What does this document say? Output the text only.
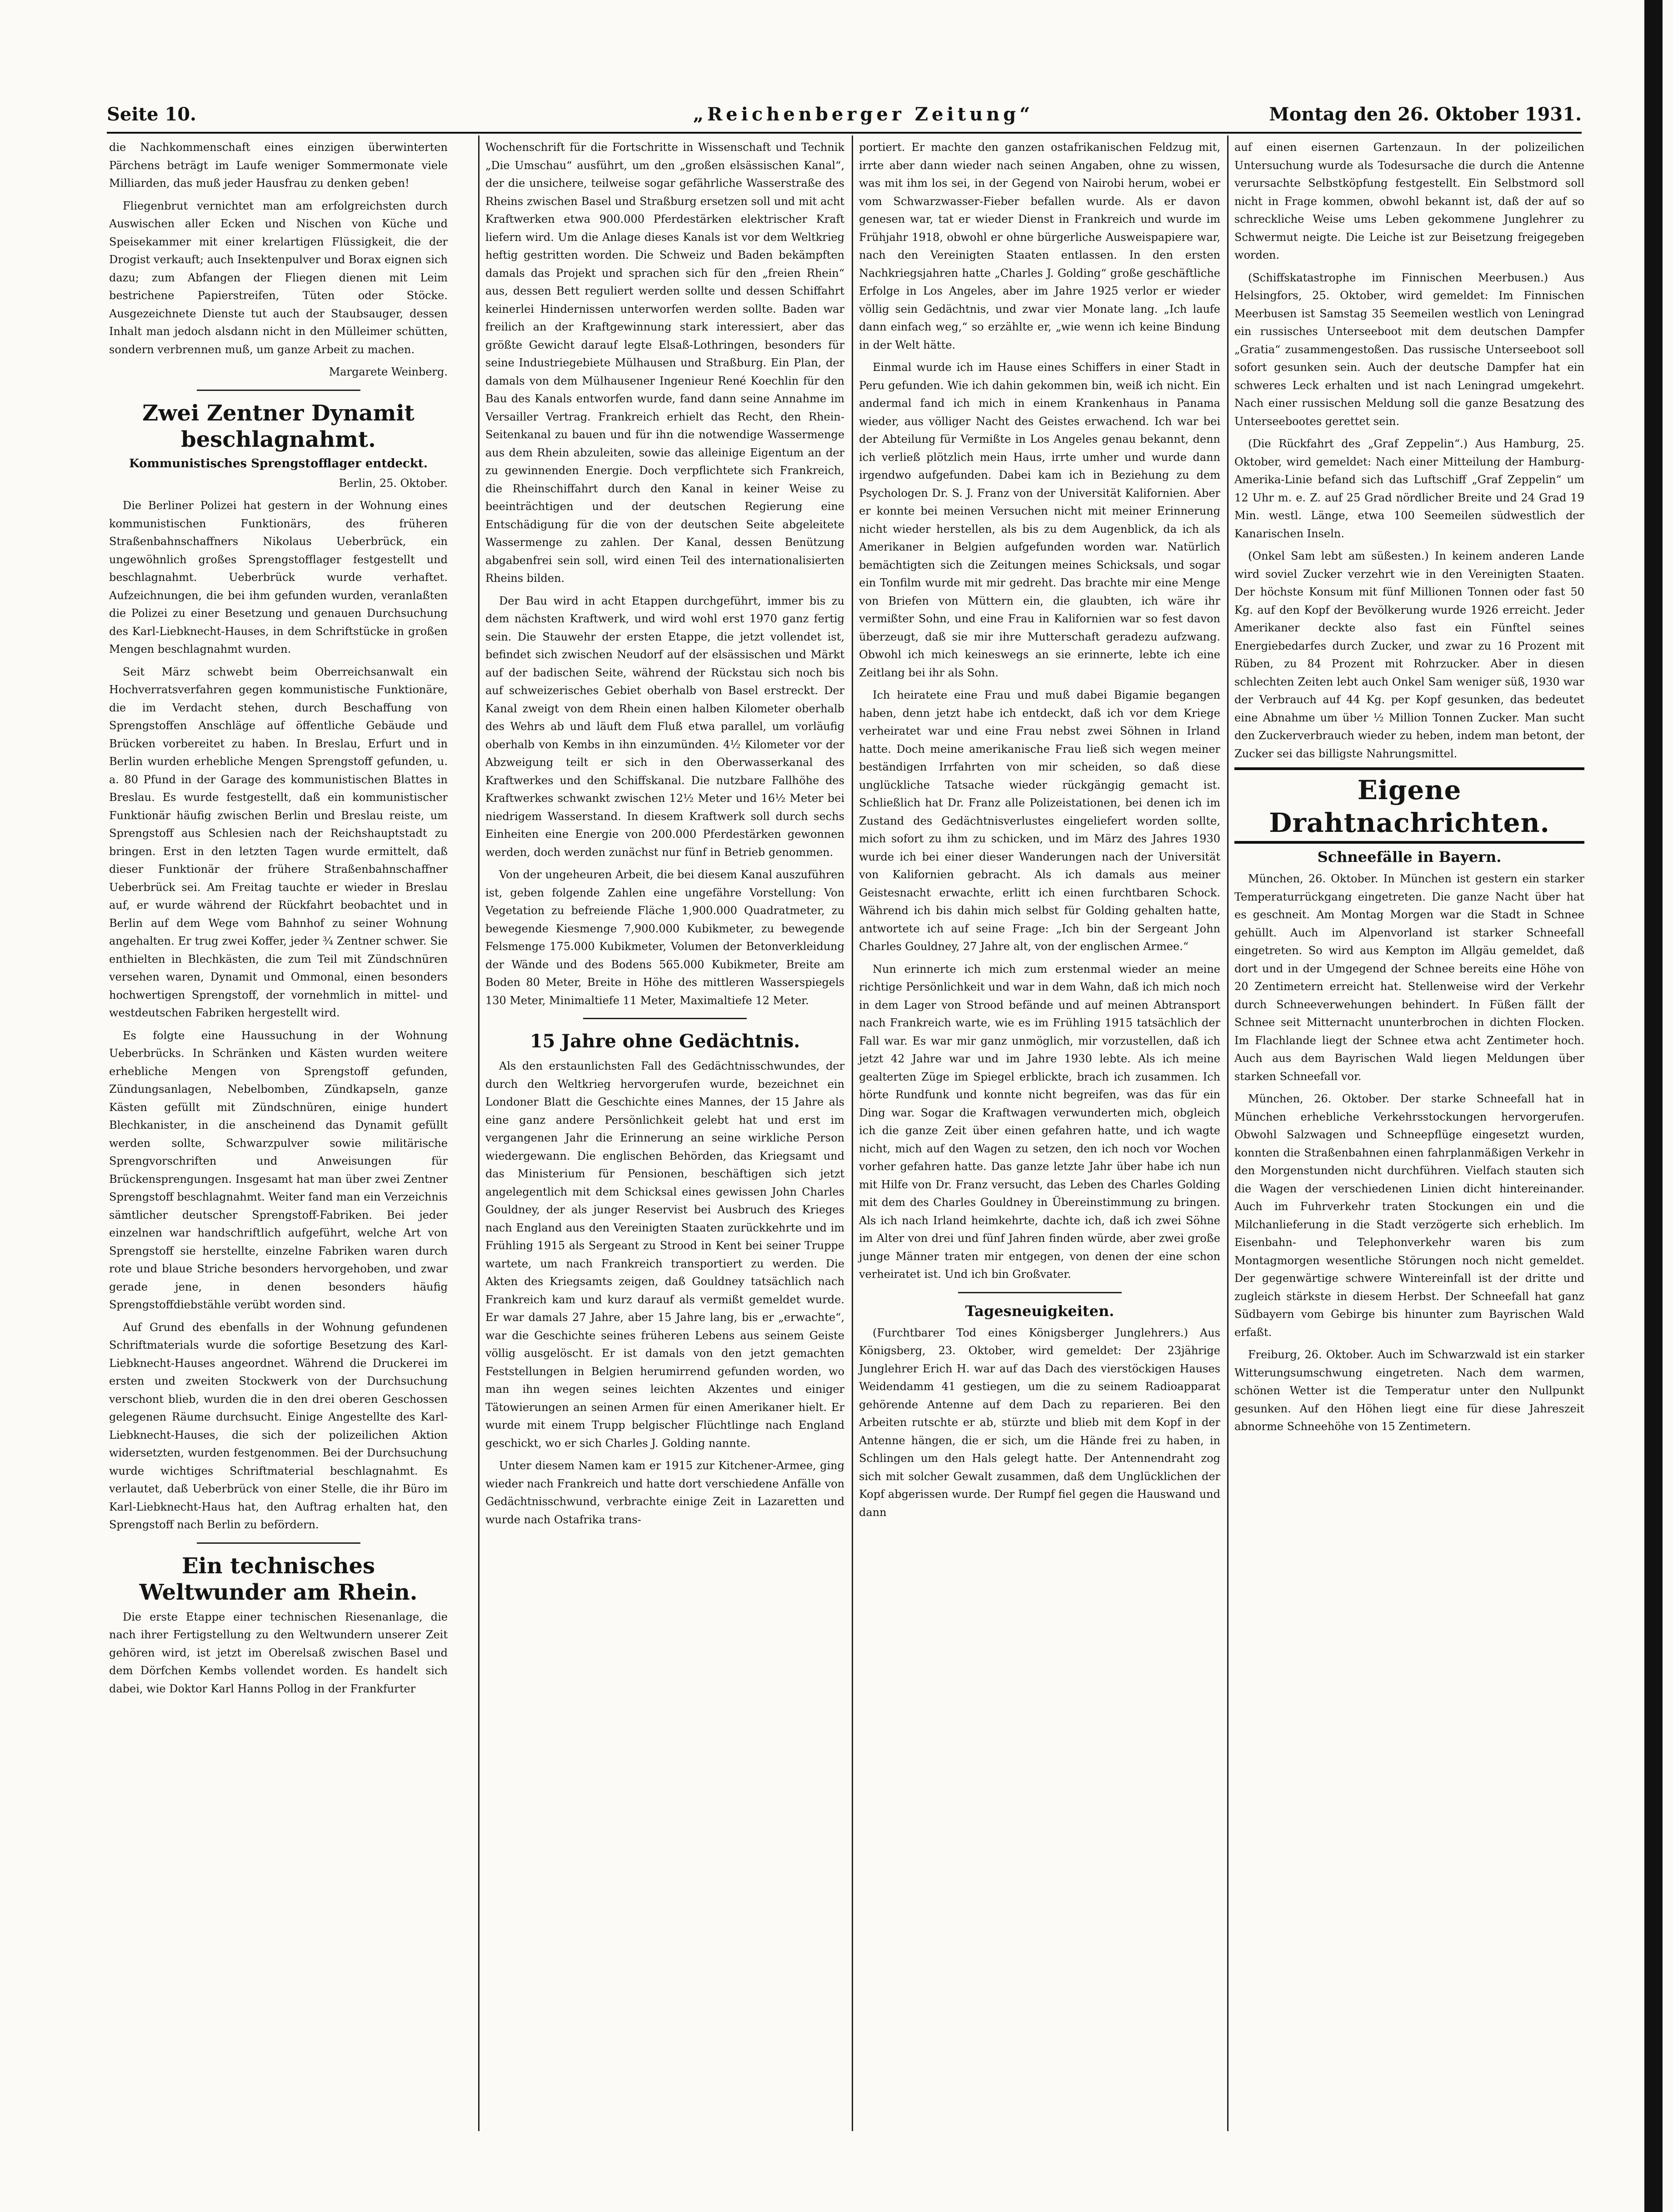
Seite 10.	„Reichenberger Zeitung“	Montag den 26. Oktober 1931.

die Nachkommenschaft eines einzigen überwinterten Pärchens beträgt im Laufe weniger Sommermonate viele Milliarden, das muß jeder Hausfrau zu denken geben!

Fliegenbrut vernichtet man am erfolgreichsten durch Auswischen aller Ecken und Nischen von Küche und Speisekammer mit einer krelartigen Flüssigkeit, die der Drogist verkauft; auch Insektenpulver und Borax eignen sich dazu; zum Abfangen der Fliegen dienen mit Leim bestrichene Papierstreifen, Tüten oder Stöcke. Ausgezeichnete Dienste tut auch der Staubsauger, dessen Inhalt man jedoch alsdann nicht in den Mülleimer schütten, sondern verbrennen muß, um ganze Arbeit zu machen.

Margarete Weinberg.

Zwei Zentner Dynamit beschlagnahmt.
Kommunistisches Sprengstofflager entdeckt.

Berlin, 25. Oktober.

Die Berliner Polizei hat gestern in der Wohnung eines kommunistischen Funktionärs, des früheren Straßenbahnschaffners Nikolaus Ueberbrück, ein ungewöhnlich großes Sprengstofflager festgestellt und beschlagnahmt. Ueberbrück wurde verhaftet. Aufzeichnungen, die bei ihm gefunden wurden, veranlaßten die Polizei zu einer Besetzung und genauen Durchsuchung des Karl-Liebknecht-Hauses, in dem Schriftstücke in großen Mengen beschlagnahmt wurden.

Seit März schwebt beim Oberreichsanwalt ein Hochverratsverfahren gegen kommunistische Funktionäre, die im Verdacht stehen, durch Beschaffung von Sprengstoffen Anschläge auf öffentliche Gebäude und Brücken vorbereitet zu haben. In Breslau, Erfurt und in Berlin wurden erhebliche Mengen Sprengstoff gefunden, u. a. 80 Pfund in der Garage des kommunistischen Blattes in Breslau. Es wurde festgestellt, daß ein kommunistischer Funktionär häufig zwischen Berlin und Breslau reiste, um Sprengstoff aus Schlesien nach der Reichshauptstadt zu bringen. Erst in den letzten Tagen wurde ermittelt, daß dieser Funktionär der frühere Straßenbahnschaffner Ueberbrück sei. Am Freitag tauchte er wieder in Breslau auf, er wurde während der Rückfahrt beobachtet und in Berlin auf dem Wege vom Bahnhof zu seiner Wohnung angehalten. Er trug zwei Koffer, jeder ¾ Zentner schwer. Sie enthielten in Blechkästen, die zum Teil mit Zündschnüren versehen waren, Dynamit und Ommonal, einen besonders hochwertigen Sprengstoff, der vornehmlich in mittel- und westdeutschen Fabriken hergestellt wird.

Es folgte eine Haussuchung in der Wohnung Ueberbrücks. In Schränken und Kästen wurden weitere erhebliche Mengen von Sprengstoff gefunden, Zündungsanlagen, Nebelbomben, Zündkapseln, ganze Kästen gefüllt mit Zündschnüren, einige hundert Blechkanister, in die anscheinend das Dynamit gefüllt werden sollte, Schwarzpulver sowie militärische Sprengvorschriften und Anweisungen für Brückensprengungen. Insgesamt hat man über zwei Zentner Sprengstoff beschlagnahmt. Weiter fand man ein Verzeichnis sämtlicher deutscher Sprengstoff-Fabriken. Bei jeder einzelnen war handschriftlich aufgeführt, welche Art von Sprengstoff sie herstellte, einzelne Fabriken waren durch rote und blaue Striche besonders hervorgehoben, und zwar gerade jene, in denen besonders häufig Sprengstoffdiebstähle verübt worden sind.

Auf Grund des ebenfalls in der Wohnung gefundenen Schriftmaterials wurde die sofortige Besetzung des Karl-Liebknecht-Hauses angeordnet. Während die Druckerei im ersten und zweiten Stockwerk von der Durchsuchung verschont blieb, wurden die in den drei oberen Geschossen gelegenen Räume durchsucht. Einige Angestellte des Karl-Liebknecht-Hauses, die sich der polizeilichen Aktion widersetzten, wurden festgenommen. Bei der Durchsuchung wurde wichtiges Schriftmaterial beschlagnahmt. Es verlautet, daß Ueberbrück von einer Stelle, die ihr Büro im Karl-Liebknecht-Haus hat, den Auftrag erhalten hat, den Sprengstoff nach Berlin zu befördern.

Ein technisches Weltwunder am Rhein.

Die erste Etappe einer technischen Riesenanlage, die nach ihrer Fertigstellung zu den Weltwundern unserer Zeit gehören wird, ist jetzt im Oberelsaß zwischen Basel und dem Dörfchen Kembs vollendet worden. Es handelt sich dabei, wie Doktor Karl Hanns Pollog in der Frankfurter

Wochenschrift für die Fortschritte in Wissenschaft und Technik „Die Umschau“ ausführt, um den „großen elsässischen Kanal“, der die unsichere, teilweise sogar gefährliche Wasserstraße des Rheins zwischen Basel und Straßburg ersetzen soll und mit acht Kraftwerken etwa 900.000 Pferdestärken elektrischer Kraft liefern wird. Um die Anlage dieses Kanals ist vor dem Weltkrieg heftig gestritten worden. Die Schweiz und Baden bekämpften damals das Projekt und sprachen sich für den „freien Rhein“ aus, dessen Bett reguliert werden sollte und dessen Schiffahrt keinerlei Hindernissen unterworfen werden sollte. Baden war freilich an der Kraftgewinnung stark interessiert, aber das größte Gewicht darauf legte Elsaß-Lothringen, besonders für seine Industriegebiete Mülhausen und Straßburg. Ein Plan, der damals von dem Mülhausener Ingenieur René Koechlin für den Bau des Kanals entworfen wurde, fand dann seine Annahme im Versailler Vertrag. Frankreich erhielt das Recht, den Rhein-Seitenkanal zu bauen und für ihn die notwendige Wassermenge aus dem Rhein abzuleiten, sowie das alleinige Eigentum an der zu gewinnenden Energie. Doch verpflichtete sich Frankreich, die Rheinschiffahrt durch den Kanal in keiner Weise zu beeinträchtigen und der deutschen Regierung eine Entschädigung für die von der deutschen Seite abgeleitete Wassermenge zu zahlen. Der Kanal, dessen Benützung abgabenfrei sein soll, wird einen Teil des internationalisierten Rheins bilden.

Der Bau wird in acht Etappen durchgeführt, immer bis zu dem nächsten Kraftwerk, und wird wohl erst 1970 ganz fertig sein. Die Stauwehr der ersten Etappe, die jetzt vollendet ist, befindet sich zwischen Neudorf auf der elsässischen und Märkt auf der badischen Seite, während der Rückstau sich noch bis auf schweizerisches Gebiet oberhalb von Basel erstreckt. Der Kanal zweigt von dem Rhein einen halben Kilometer oberhalb des Wehrs ab und läuft dem Fluß etwa parallel, um vorläufig oberhalb von Kembs in ihn einzumünden. 4½ Kilometer vor der Abzweigung teilt er sich in den Oberwasserkanal des Kraftwerkes und den Schiffskanal. Die nutzbare Fallhöhe des Kraftwerkes schwankt zwischen 12½ Meter und 16½ Meter bei niedrigem Wasserstand. In diesem Kraftwerk soll durch sechs Einheiten eine Energie von 200.000 Pferdestärken gewonnen werden, doch werden zunächst nur fünf in Betrieb genommen.

Von der ungeheuren Arbeit, die bei diesem Kanal auszuführen ist, geben folgende Zahlen eine ungefähre Vorstellung: Von Vegetation zu befreiende Fläche 1,900.000 Quadratmeter, zu bewegende Kiesmenge 7,900.000 Kubikmeter, zu bewegende Felsmenge 175.000 Kubikmeter, Volumen der Betonverkleidung der Wände und des Bodens 565.000 Kubikmeter, Breite am Boden 80 Meter, Breite in Höhe des mittleren Wasserspiegels 130 Meter, Minimaltiefe 11 Meter, Maximaltiefe 12 Meter.

15 Jahre ohne Gedächtnis.

Als den erstaunlichsten Fall des Gedächtnisschwundes, der durch den Weltkrieg hervorgerufen wurde, bezeichnet ein Londoner Blatt die Geschichte eines Mannes, der 15 Jahre als eine ganz andere Persönlichkeit gelebt hat und erst im vergangenen Jahr die Erinnerung an seine wirkliche Person wiedergewann. Die englischen Behörden, das Kriegsamt und das Ministerium für Pensionen, beschäftigen sich jetzt angelegentlich mit dem Schicksal eines gewissen John Charles Gouldney, der als junger Reservist bei Ausbruch des Krieges nach England aus den Vereinigten Staaten zurückkehrte und im Frühling 1915 als Sergeant zu Strood in Kent bei seiner Truppe wartete, um nach Frankreich transportiert zu werden. Die Akten des Kriegsamts zeigen, daß Gouldney tatsächlich nach Frankreich kam und kurz darauf als vermißt gemeldet wurde. Er war damals 27 Jahre, aber 15 Jahre lang, bis er „erwachte“, war die Geschichte seines früheren Lebens aus seinem Geiste völlig ausgelöscht. Er ist damals von den jetzt gemachten Feststellungen in Belgien herumirrend gefunden worden, wo man ihn wegen seines leichten Akzentes und einiger Tätowierungen an seinen Armen für einen Amerikaner hielt. Er wurde mit einem Trupp belgischer Flüchtlinge nach England geschickt, wo er sich Charles J. Golding nannte.

Unter diesem Namen kam er 1915 zur Kitchener-Armee, ging wieder nach Frankreich und hatte dort verschiedene Anfälle von Gedächtnisschwund, verbrachte einige Zeit in Lazaretten und wurde nach Ostafrika trans-

portiert. Er machte den ganzen ostafrikanischen Feldzug mit, irrte aber dann wieder nach seinen Angaben, ohne zu wissen, was mit ihm los sei, in der Gegend von Nairobi herum, wobei er vom Schwarzwasser-Fieber befallen wurde. Als er davon genesen war, tat er wieder Dienst in Frankreich und wurde im Frühjahr 1918, obwohl er ohne bürgerliche Ausweispapiere war, nach den Vereinigten Staaten entlassen. In den ersten Nachkriegsjahren hatte „Charles J. Golding“ große geschäftliche Erfolge in Los Angeles, aber im Jahre 1925 verlor er wieder völlig sein Gedächtnis, und zwar vier Monate lang. „Ich laufe dann einfach weg,“ so erzählte er, „wie wenn ich keine Bindung in der Welt hätte.

Einmal wurde ich im Hause eines Schiffers in einer Stadt in Peru gefunden. Wie ich dahin gekommen bin, weiß ich nicht. Ein andermal fand ich mich in einem Krankenhaus in Panama wieder, aus völliger Nacht des Geistes erwachend. Ich war bei der Abteilung für Vermißte in Los Angeles genau bekannt, denn ich verließ plötzlich mein Haus, irrte umher und wurde dann irgendwo aufgefunden. Dabei kam ich in Beziehung zu dem Psychologen Dr. S. J. Franz von der Universität Kalifornien. Aber er konnte bei meinen Versuchen nicht mit meiner Erinnerung nicht wieder herstellen, als bis zu dem Augenblick, da ich als Amerikaner in Belgien aufgefunden worden war. Natürlich bemächtigten sich die Zeitungen meines Schicksals, und sogar ein Tonfilm wurde mit mir gedreht. Das brachte mir eine Menge von Briefen von Müttern ein, die glaubten, ich wäre ihr vermißter Sohn, und eine Frau in Kalifornien war so fest davon überzeugt, daß sie mir ihre Mutterschaft geradezu aufzwang. Obwohl ich mich keineswegs an sie erinnerte, lebte ich eine Zeitlang bei ihr als Sohn.

Ich heiratete eine Frau und muß dabei Bigamie begangen haben, denn jetzt habe ich entdeckt, daß ich vor dem Kriege verheiratet war und eine Frau nebst zwei Söhnen in Irland hatte. Doch meine amerikanische Frau ließ sich wegen meiner beständigen Irrfahrten von mir scheiden, so daß diese unglückliche Tatsache wieder rückgängig gemacht ist. Schließlich hat Dr. Franz alle Polizeistationen, bei denen ich im Zustand des Gedächtnisverlustes eingeliefert worden sollte, mich sofort zu ihm zu schicken, und im März des Jahres 1930 wurde ich bei einer dieser Wanderungen nach der Universität von Kalifornien gebracht. Als ich damals aus meiner Geistesnacht erwachte, erlitt ich einen furchtbaren Schock. Während ich bis dahin mich selbst für Golding gehalten hatte, antwortete ich auf seine Frage: „Ich bin der Sergeant John Charles Gouldney, 27 Jahre alt, von der englischen Armee.“

Nun erinnerte ich mich zum erstenmal wieder an meine richtige Persönlichkeit und war in dem Wahn, daß ich mich noch in dem Lager von Strood befände und auf meinen Abtransport nach Frankreich warte, wie es im Frühling 1915 tatsächlich der Fall war. Es war mir ganz unmöglich, mir vorzustellen, daß ich jetzt 42 Jahre war und im Jahre 1930 lebte. Als ich meine gealterten Züge im Spiegel erblickte, brach ich zusammen. Ich hörte Rundfunk und konnte nicht begreifen, was das für ein Ding war. Sogar die Kraftwagen verwunderten mich, obgleich ich die ganze Zeit über einen gefahren hatte, und ich wagte nicht, mich auf den Wagen zu setzen, den ich noch vor Wochen vorher gefahren hatte. Das ganze letzte Jahr über habe ich nun mit Hilfe von Dr. Franz versucht, das Leben des Charles Golding mit dem des Charles Gouldney in Übereinstimmung zu bringen. Als ich nach Irland heimkehrte, dachte ich, daß ich zwei Söhne im Alter von drei und fünf Jahren finden würde, aber zwei große junge Männer traten mir entgegen, von denen der eine schon verheiratet ist. Und ich bin Großvater.

Tagesneuigkeiten.

(Furchtbarer Tod eines Königsberger Junglehrers.) Aus Königsberg, 23. Oktober, wird gemeldet: Der 23jährige Junglehrer Erich H. war auf das Dach des vierstöckigen Hauses Weidendamm 41 gestiegen, um die zu seinem Radioapparat gehörende Antenne auf dem Dach zu reparieren. Bei den Arbeiten rutschte er ab, stürzte und blieb mit dem Kopf in der Antenne hängen, die er sich, um die Hände frei zu haben, in Schlingen um den Hals gelegt hatte. Der Antennendraht zog sich mit solcher Gewalt zusammen, daß dem Unglücklichen der Kopf abgerissen wurde. Der Rumpf fiel gegen die Hauswand und dann

auf einen eisernen Gartenzaun. In der polizeilichen Untersuchung wurde als Todesursache die durch die Antenne verursachte Selbstköpfung festgestellt. Ein Selbstmord soll nicht in Frage kommen, obwohl bekannt ist, daß der auf so schreckliche Weise ums Leben gekommene Junglehrer zu Schwermut neigte. Die Leiche ist zur Beisetzung freigegeben worden.

(Schiffskatastrophe im Finnischen Meerbusen.) Aus Helsingfors, 25. Oktober, wird gemeldet: Im Finnischen Meerbusen ist Samstag 35 Seemeilen westlich von Leningrad ein russisches Unterseeboot mit dem deutschen Dampfer „Gratia“ zusammengestoßen. Das russische Unterseeboot soll sofort gesunken sein. Auch der deutsche Dampfer hat ein schweres Leck erhalten und ist nach Leningrad umgekehrt. Nach einer russischen Meldung soll die ganze Besatzung des Unterseebootes gerettet sein.

(Die Rückfahrt des „Graf Zeppelin“.) Aus Hamburg, 25. Oktober, wird gemeldet: Nach einer Mitteilung der Hamburg-Amerika-Linie befand sich das Luftschiff „Graf Zeppelin“ um 12 Uhr m. e. Z. auf 25 Grad nördlicher Breite und 24 Grad 19 Min. westl. Länge, etwa 100 Seemeilen südwestlich der Kanarischen Inseln.

(Onkel Sam lebt am süßesten.) In keinem anderen Lande wird soviel Zucker verzehrt wie in den Vereinigten Staaten. Der höchste Konsum mit fünf Millionen Tonnen oder fast 50 Kg. auf den Kopf der Bevölkerung wurde 1926 erreicht. Jeder Amerikaner deckte also fast ein Fünftel seines Energiebedarfes durch Zucker, und zwar zu 16 Prozent mit Rüben, zu 84 Prozent mit Rohrzucker. Aber in diesen schlechten Zeiten lebt auch Onkel Sam weniger süß, 1930 war der Verbrauch auf 44 Kg. per Kopf gesunken, das bedeutet eine Abnahme um über ½ Million Tonnen Zucker. Man sucht den Zuckerverbrauch wieder zu heben, indem man betont, der Zucker sei das billigste Nahrungsmittel.

Eigene Drahtnachrichten.
Schneefälle in Bayern.

München, 26. Oktober. In München ist gestern ein starker Temperaturrückgang eingetreten. Die ganze Nacht über hat es geschneit. Am Montag Morgen war die Stadt in Schnee gehüllt. Auch im Alpenvorland ist starker Schneefall eingetreten. So wird aus Kempton im Allgäu gemeldet, daß dort und in der Umgegend der Schnee bereits eine Höhe von 20 Zentimetern erreicht hat. Stellenweise wird der Verkehr durch Schneeverwehungen behindert. In Füßen fällt der Schnee seit Mitternacht ununterbrochen in dichten Flocken. Im Flachlande liegt der Schnee etwa acht Zentimeter hoch. Auch aus dem Bayrischen Wald liegen Meldungen über starken Schneefall vor.

München, 26. Oktober. Der starke Schneefall hat in München erhebliche Verkehrsstockungen hervorgerufen. Obwohl Salzwagen und Schneepflüge eingesetzt wurden, konnten die Straßenbahnen einen fahrplanmäßigen Verkehr in den Morgenstunden nicht durchführen. Vielfach stauten sich die Wagen der verschiedenen Linien dicht hintereinander. Auch im Fuhrverkehr traten Stockungen ein und die Milchanlieferung in die Stadt verzögerte sich erheblich. Im Eisenbahn- und Telephonverkehr waren bis zum Montagmorgen wesentliche Störungen noch nicht gemeldet. Der gegenwärtige schwere Wintereinfall ist der dritte und zugleich stärkste in diesem Herbst. Der Schneefall hat ganz Südbayern vom Gebirge bis hinunter zum Bayrischen Wald erfaßt.

Freiburg, 26. Oktober. Auch im Schwarzwald ist ein starker Witterungsumschwung eingetreten. Nach dem warmen, schönen Wetter ist die Temperatur unter den Nullpunkt gesunken. Auf den Höhen liegt eine für diese Jahreszeit abnorme Schneehöhe von 15 Zentimetern.
